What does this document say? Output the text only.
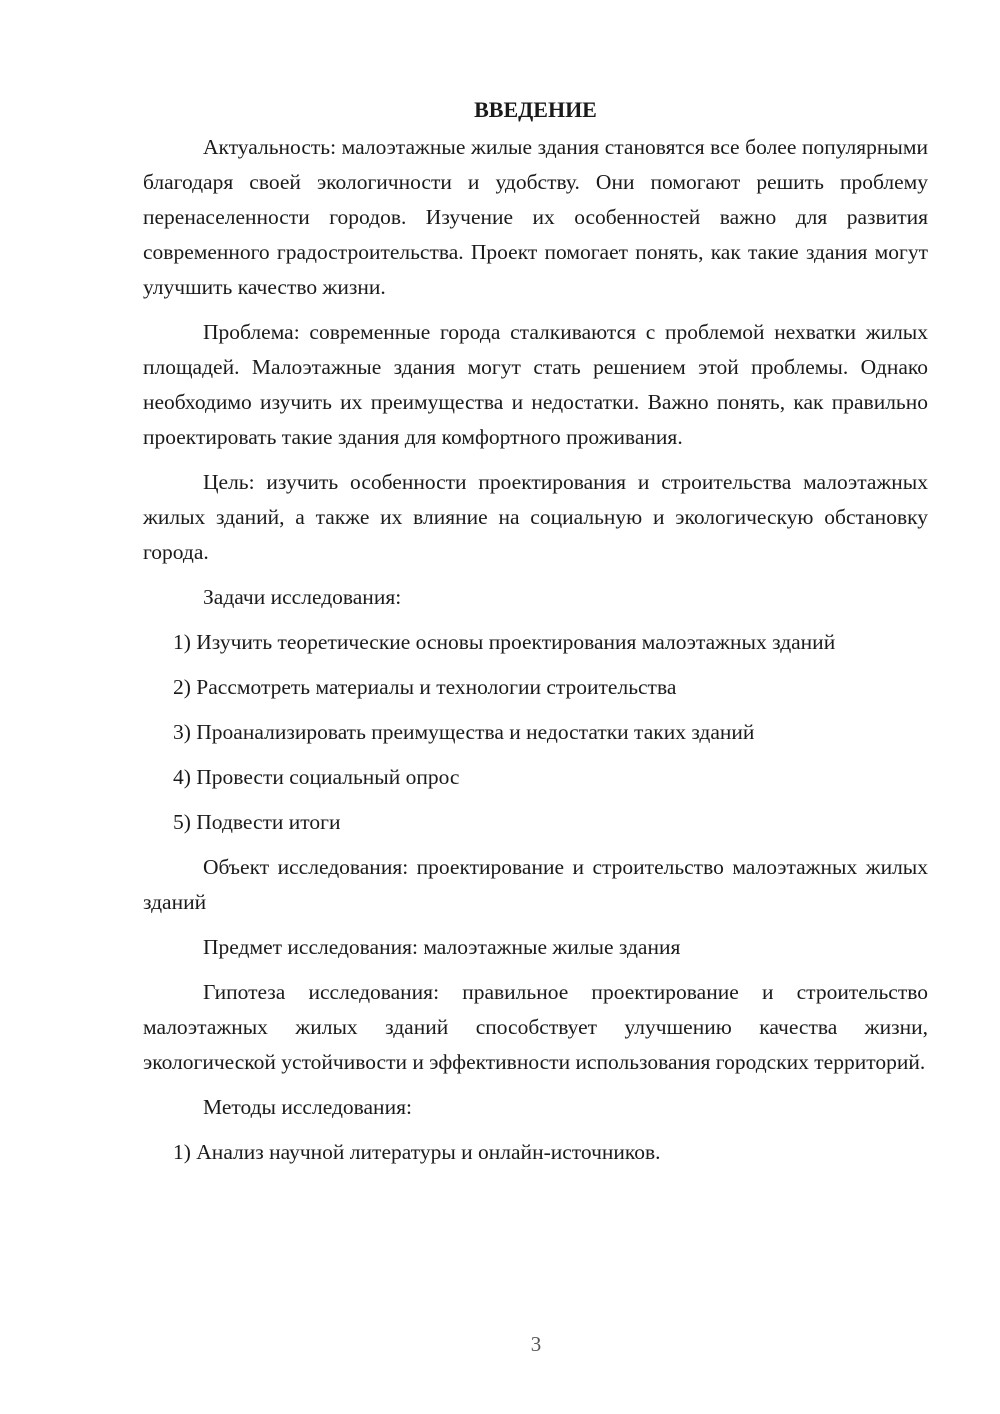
ВВЕДЕНИЕ

Актуальность: малоэтажные жилые здания становятся все более популярными благодаря своей экологичности и удобству. Они помогают решить проблему перенаселенности городов. Изучение их особенностей важно для развития современного градостроительства. Проект помогает понять, как такие здания могут улучшить качество жизни.

Проблема: современные города сталкиваются с проблемой нехватки жилых площадей. Малоэтажные здания могут стать решением этой проблемы. Однако необходимо изучить их преимущества и недостатки. Важно понять, как правильно проектировать такие здания для комфортного проживания.

Цель: изучить особенности проектирования и строительства малоэтажных жилых зданий, а также их влияние на социальную и экологическую обстановку города.

Задачи исследования:

1) Изучить теоретические основы проектирования малоэтажных зданий

2) Рассмотреть материалы и технологии строительства

3) Проанализировать преимущества и недостатки таких зданий

4) Провести социальный опрос

5) Подвести итоги

Объект исследования: проектирование и строительство малоэтажных жилых зданий

Предмет исследования: малоэтажные жилые здания

Гипотеза исследования: правильное проектирование и строительство малоэтажных жилых зданий способствует улучшению качества жизни, экологической устойчивости и эффективности использования городских территорий.

Методы исследования:

1) Анализ научной литературы и онлайн-источников.

3
